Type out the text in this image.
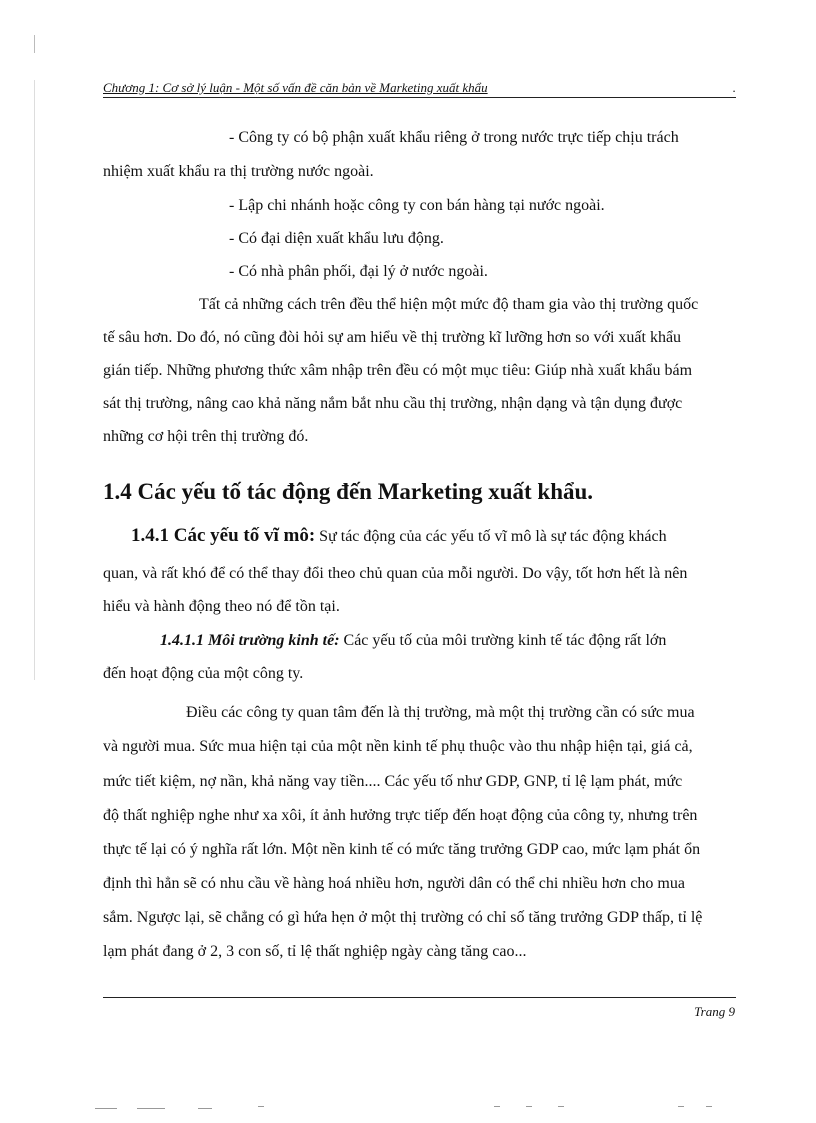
Chương 1: Cơ sở lý luận - Một số vấn đề căn bản về Marketing xuất khẩu	.
- Công ty có bộ phận xuất khẩu riêng ở trong nước trực tiếp chịu trách
nhiệm xuất khẩu ra thị trường nước ngoài.
- Lập chi nhánh hoặc công ty con bán hàng tại nước ngoài.
- Có đại diện xuất khẩu lưu động.
- Có nhà phân phối, đại lý ở nước ngoài.
Tất cả những cách trên đều thể hiện một mức độ tham gia vào thị trường quốc
tế sâu hơn. Do đó, nó cũng đòi hỏi sự am hiểu về thị trường kĩ lưỡng hơn so với xuất khẩu
gián tiếp. Những phương thức xâm nhập trên đều có một mục tiêu: Giúp nhà xuất khẩu bám
sát thị trường, nâng cao khả năng nắm bắt nhu cầu thị trường, nhận dạng và tận dụng được
những cơ hội trên thị trường đó.
1.4 Các yếu tố tác động đến Marketing xuất khẩu.
1.4.1 Các yếu tố vĩ mô: Sự tác động của các yếu tố vĩ mô là sự tác động khách
quan, và rất khó để có thể thay đổi theo chủ quan của mỗi người. Do vậy, tốt hơn hết là nên
hiểu và hành động theo nó để tồn tại.
1.4.1.1 Môi trường kinh tế: Các yếu tố của môi trường kinh tế tác động rất lớn
đến hoạt động của một công ty.
Điều các công ty quan tâm đến là thị trường, mà một thị trường cần có sức mua
và người mua. Sức mua hiện tại của một nền kinh tế phụ thuộc vào thu nhập hiện tại, giá cả,
mức tiết kiệm, nợ nần, khả năng vay tiền.... Các yếu tố như GDP, GNP, tỉ lệ lạm phát, mức
độ thất nghiệp nghe như xa xôi, ít ảnh hưởng trực tiếp đến hoạt động của công ty, nhưng trên
thực tế lại có ý nghĩa rất lớn. Một nền kinh tế có mức tăng trưởng GDP cao, mức lạm phát ổn
định thì hẳn sẽ có nhu cầu về hàng hoá nhiều hơn, người dân có thể chi nhiều hơn cho mua
sắm. Ngược lại, sẽ chẳng có gì hứa hẹn ở một thị trường có chỉ số tăng trưởng GDP thấp, tỉ lệ
lạm phát đang ở 2, 3 con số, tỉ lệ thất nghiệp ngày càng tăng cao...
Trang 9
